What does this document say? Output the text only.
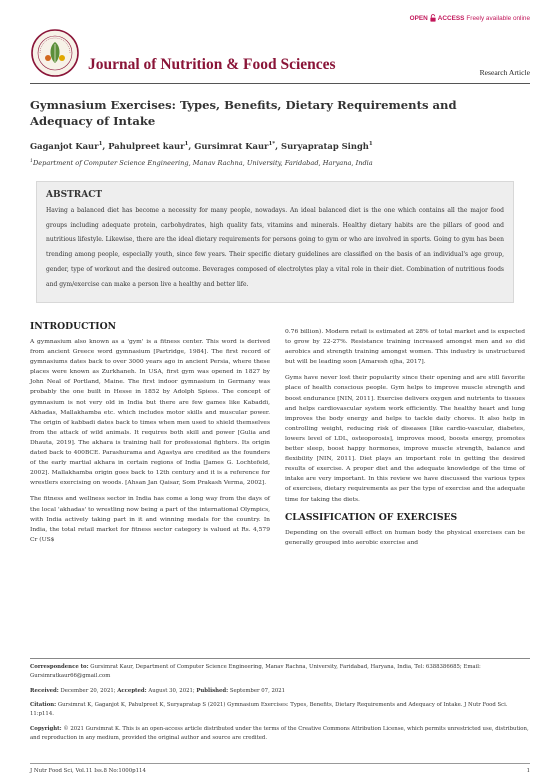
OPEN ACCESS Freely available online
Journal of Nutrition & Food Sciences	Research Article
Gymnasium Exercises: Types, Benefits, Dietary Requirements and Adequacy of Intake
Gaganjot Kaur$^1$, Pahulpreet kaur$^1$, Gursimrat Kaur$^{1*}$, Suryapratap Singh$^1$
$^1$Department of Computer Science Engineering, Manav Rachna, University, Faridabad, Haryana, India
ABSTRACT
Having a balanced diet has become a necessity for many people, nowadays. An ideal balanced diet is the one which contains all the major food groups including adequate protein, carbohydrates, high quality fats, vitamins and minerals. Healthy dietary habits are the pillars of good and nutritious lifestyle. Likewise, there are the ideal dietary requirements for persons going to gym or who are involved in sports. Going to gym has been trending among people, especially youth, since few years. Their specific dietary guidelines are classified on the basis of an individual's age group, gender, type of workout and the desired outcome. Beverages composed of electrolytes play a vital role in their diet. Combination of nutritious foods and gym/exercise can make a person live a healthy and better life.
INTRODUCTION

A gymnasium also known as a 'gym' is a fitness center. This word is derived from ancient Greece word gymnasium [Partridge, 1984]. The first record of gymnasiums dates back to over 3000 years ago in ancient Persia, where these places were known as Zurkhaneh. In USA, first gym was opened in 1827 by John Neal of Portland, Maine. The first indoor gymnasium in Germany was probably the one built in Hesse in 1852 by Adolph Spiess. The concept of gymnasium is not very old in India but there are few games like Kabaddi, Akhadas, Mallakhamba etc. which includes motor skills and muscular power. The origin of kabbadi dates back to times when men used to shield themselves from the attack of wild animals. It requires both skill and power [Gulia and Dhauta, 2019]. The akhara is training hall for professional fighters. Its origin dated back to 400BCE. Parashurama and Agastya are credited as the founders of the early martial akhara in certain regions of India [James G. Lochtefeld, 2002]. Mallakhamba origin goes back to 12th century and it is a reference for wrestlers exercising on woods. [Ahsan Jan Qaisar, Som Prakash Verma, 2002].

The fitness and wellness sector in India has come a long way from the days of the local 'akhadas' to wrestling now being a part of the international Olympics, with India actively taking part in it and winning medals for the country. In India, the total retail market for fitness sector category is valued at Rs. 4,579 Cr (US$

0.76 billion). Modern retail is estimated at 28% of total market and is expected to grow by 22-27%. Resistance training increased amongst men and so did aerobics and strength training amongst women. This industry is unstructured but will be leading soon [Amaresh ojha, 2017].

Gyms have never lost their popularity since their opening and are still favorite place of health conscious people. Gym helps to improve muscle strength and boost endurance [NIN, 2011]. Exercise delivers oxygen and nutrients to tissues and helps cardiovascular system work efficiently. The healthy heart and lung improves the body energy and helps to tackle daily chores. It also help in controlling weight, reducing risk of diseases [like cardio-vascular, diabetes, lowers level of LDL, osteoporosis], improves mood, boosts energy, promotes better sleep, boost happy hormones, improve muscle strength, balance and flexibility [NIN, 2011]. Diet plays an important role in getting the desired results of exercise. A proper diet and the adequate knowledge of the time of intake are very important. In this review we have discussed the various types of exercises, dietary requirements as per the type of exercise and the adequate time for taking the diets.

CLASSIFICATION OF EXERCISES

Depending on the overall effect on human body the physical exercises can be generally grouped into aerobic exercise and

Correspondence to: Gursimrat Kaur, Department of Computer Science Engineering, Manav Rachna, University, Faridabad, Haryana, India, Tel: 6388386685; Email: Gursimratkaur66@gmail.com

Received: December 20, 2021; Accepted: August 30, 2021; Published: September 07, 2021

Citation: Gursimrat K, Gaganjot K, Pahulpreet K, Suryapratap S (2021) Gymnasium Exercises: Types, Benefits, Dietary Requirements and Adequacy of Intake. J Nutr Food Sci. 11:p114.

Copyright: © 2021 Gursimrat K. This is an open-access article distributed under the terms of the Creative Commons Attribution License, which permits unrestricted use, distribution, and reproduction in any medium, provided the original author and source are credited.

J Nutr Food Sci, Vol.11 Iss.8 No:1000p114	1
